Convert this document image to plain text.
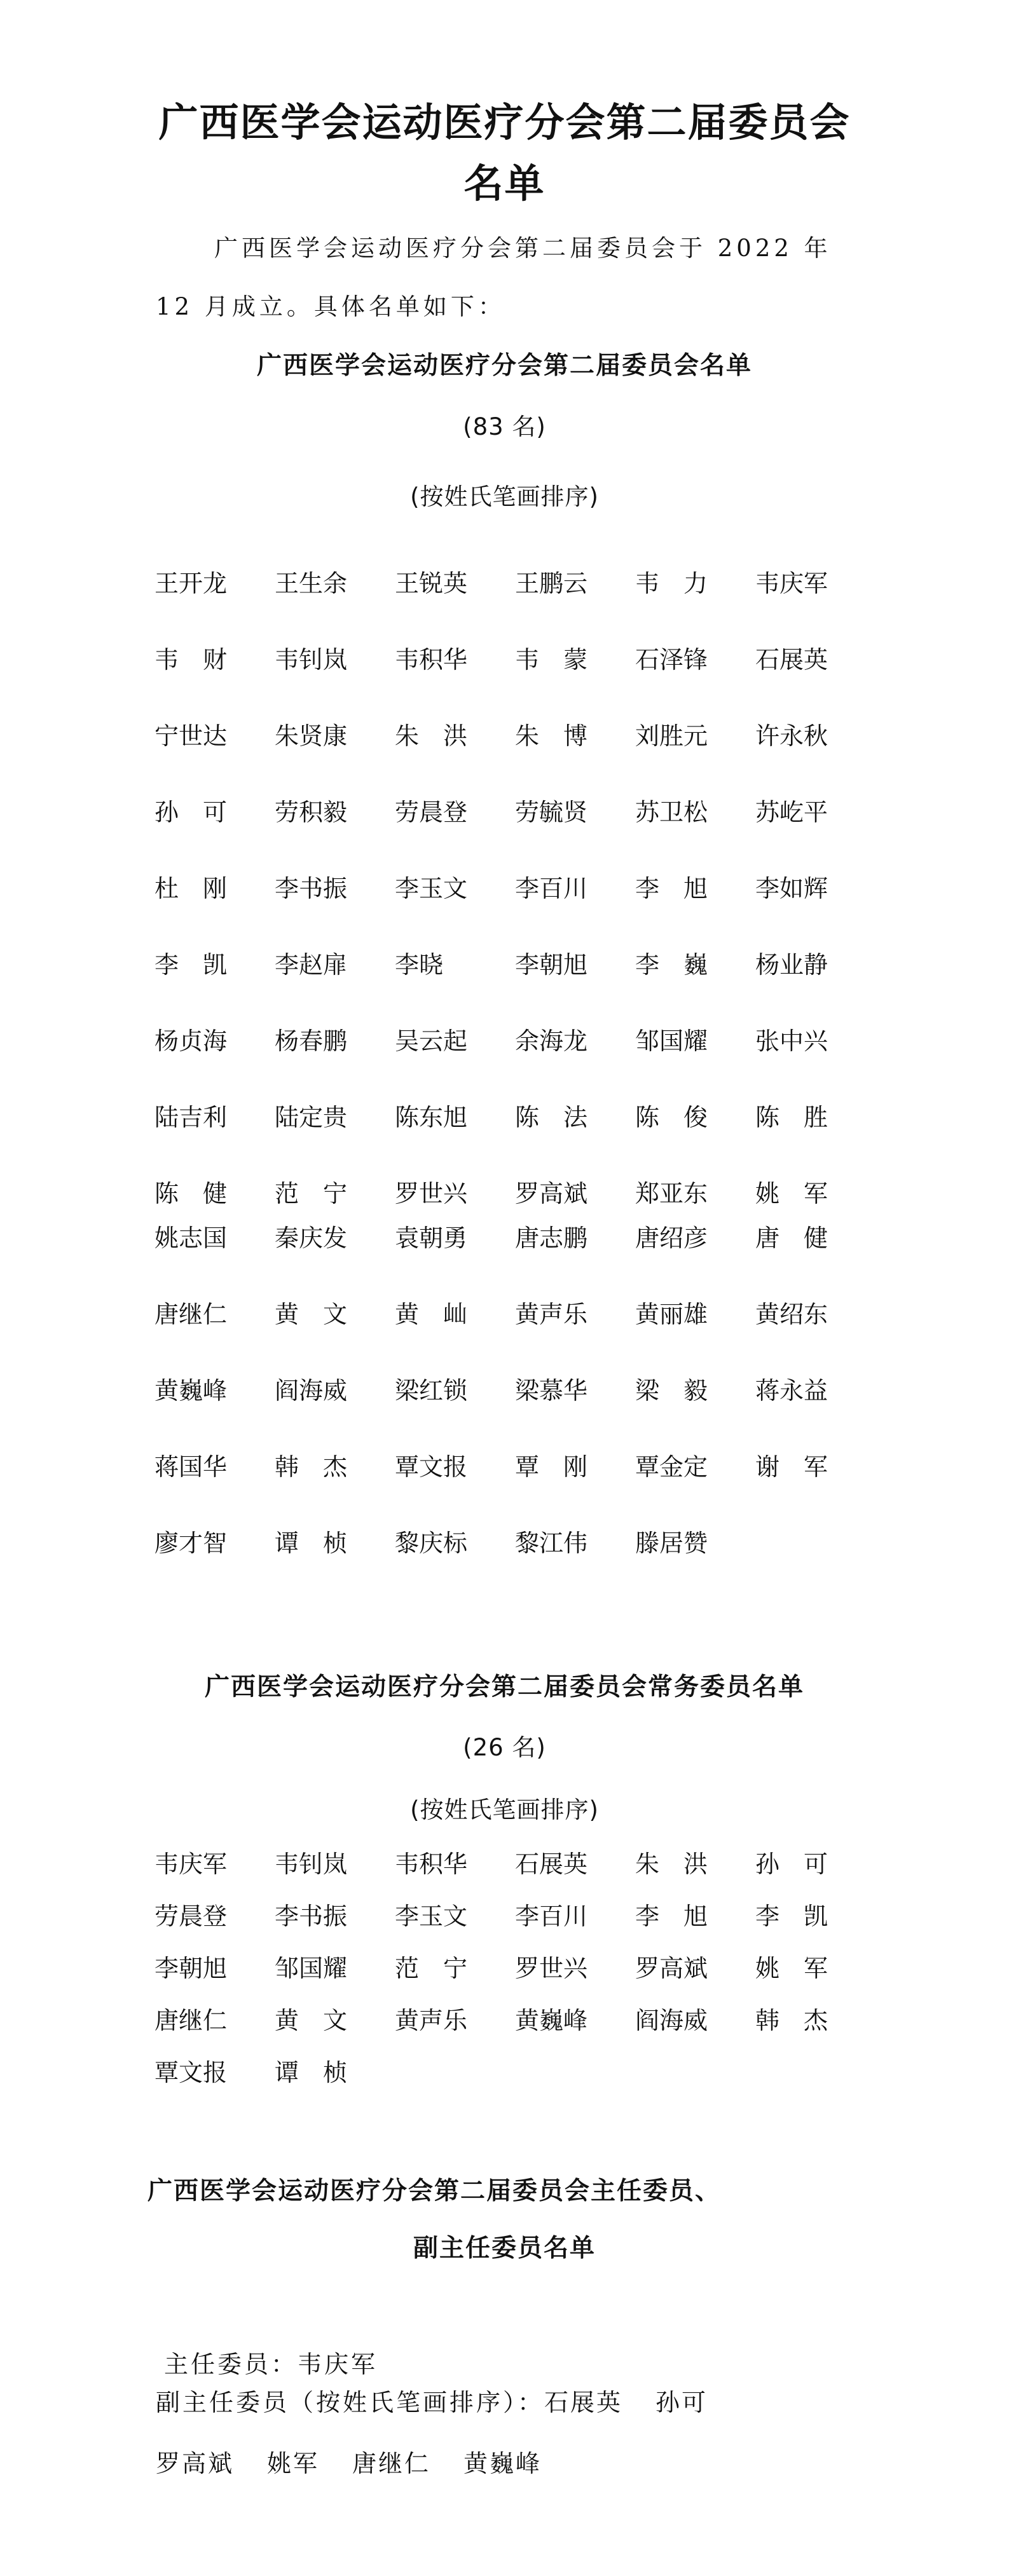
广西医学会运动医疗分会第二届委员会名单

广西医学会运动医疗分会第二届委员会于 2022 年 12 月成立。具体名单如下：

广西医学会运动医疗分会第二届委员会名单

(83 名)

(按姓氏笔画排序)

王开龙	王生余	王锐英	王鹏云	韦　力	韦庆军
韦　财	韦钊岚	韦积华	韦　蒙	石泽锋	石展英
宁世达	朱贤康	朱　洪	朱　博	刘胜元	许永秋
孙　可	劳积毅	劳晨登	劳毓贤	苏卫松	苏屹平
杜　刚	李书振	李玉文	李百川	李　旭	李如辉
李　凯	李赵扉	李晓	李朝旭	李　巍	杨业静
杨贞海	杨春鹏	吴云起	余海龙	邹国耀	张中兴
陆吉利	陆定贵	陈东旭	陈　法	陈　俊	陈　胜
陈　健	范　宁	罗世兴	罗高斌	郑亚东	姚　军
姚志国	秦庆发	袁朝勇	唐志鹏	唐绍彦	唐　健
唐继仁	黄　文	黄　屾	黄声乐	黄丽雄	黄绍东
黄巍峰	阎海威	梁红锁	梁慕华	梁　毅	蒋永益
蒋国华	韩　杰	覃文报	覃　刚	覃金定	谢　军
廖才智	谭　桢	黎庆标	黎江伟	滕居赞
广西医学会运动医疗分会第二届委员会常务委员名单

(26 名)

(按姓氏笔画排序)

韦庆军	韦钊岚	韦积华	石展英	朱　洪	孙　可
劳晨登	李书振	李玉文	李百川	李　旭	李　凯
李朝旭	邹国耀	范　宁	罗世兴	罗高斌	姚　军
唐继仁	黄　文	黄声乐	黄巍峰	阎海威	韩　杰
覃文报	谭　桢
广西医学会运动医疗分会第二届委员会主任委员、
副主任委员名单

主任委员：韦庆军

副主任委员（按姓氏笔画排序）：石展英 孙可

罗高斌 姚军 唐继仁 黄巍峰
